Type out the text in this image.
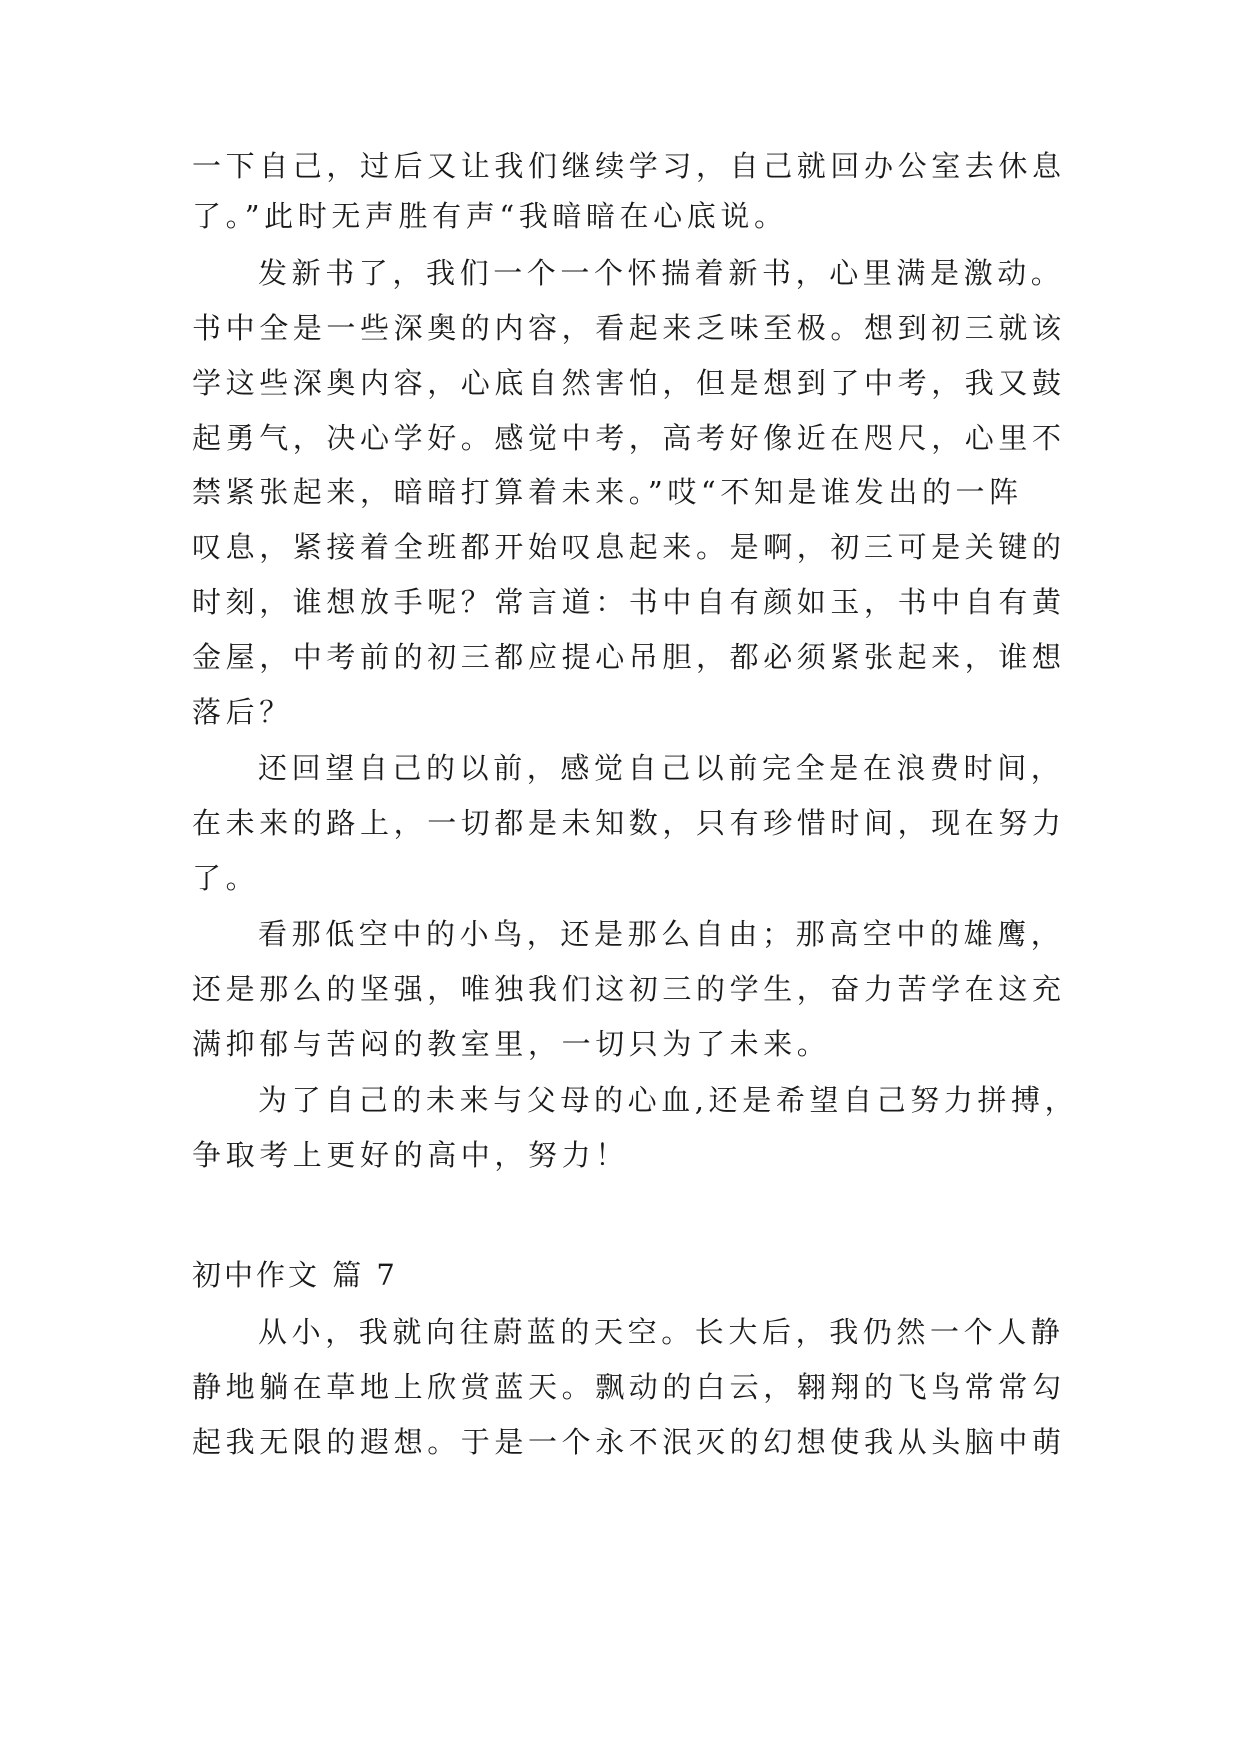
一下自己，过后又让我们继续学习，自己就回办公室去休息
了。”此时无声胜有声“我暗暗在心底说。
发新书了，我们一个一个怀揣着新书，心里满是激动。
书中全是一些深奥的内容，看起来乏味至极。想到初三就该
学这些深奥内容，心底自然害怕，但是想到了中考，我又鼓
起勇气，决心学好。感觉中考，高考好像近在咫尺，心里不
禁紧张起来，暗暗打算着未来。”哎“不知是谁发出的一阵
叹息，紧接着全班都开始叹息起来。是啊，初三可是关键的
时刻，谁想放手呢？常言道：书中自有颜如玉，书中自有黄
金屋，中考前的初三都应提心吊胆，都必须紧张起来，谁想
落后？
还回望自己的以前，感觉自己以前完全是在浪费时间，
在未来的路上，一切都是未知数，只有珍惜时间，现在努力
了。
看那低空中的小鸟，还是那么自由；那高空中的雄鹰，
还是那么的坚强，唯独我们这初三的学生，奋力苦学在这充
满抑郁与苦闷的教室里，一切只为了未来。
为了自己的未来与父母的心血,还是希望自己努力拼搏，
争取考上更好的高中，努力！
初中作文 篇 7
从小，我就向往蔚蓝的天空。长大后，我仍然一个人静
静地躺在草地上欣赏蓝天。飘动的白云，翱翔的飞鸟常常勾
起我无限的遐想。于是一个永不泯灭的幻想使我从头脑中萌
